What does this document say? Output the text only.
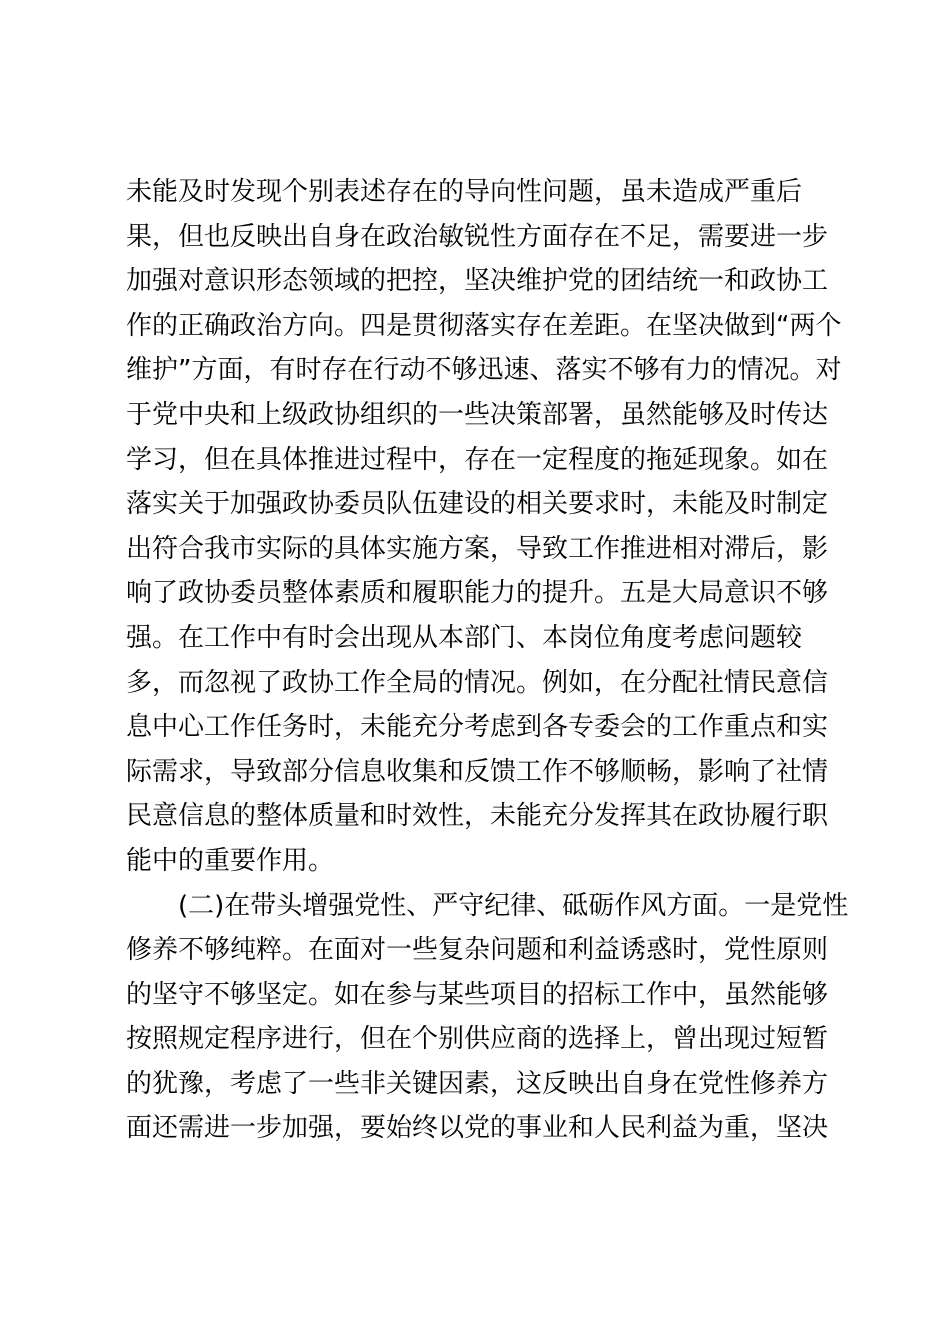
未能及时发现个别表述存在的导向性问题，虽未造成严重后
果，但也反映出自身在政治敏锐性方面存在不足，需要进一步
加强对意识形态领域的把控，坚决维护党的团结统一和政协工
作的正确政治方向。四是贯彻落实存在差距。在坚决做到“两个
维护”方面，有时存在行动不够迅速、落实不够有力的情况。对
于党中央和上级政协组织的一些决策部署，虽然能够及时传达
学习，但在具体推进过程中，存在一定程度的拖延现象。如在
落实关于加强政协委员队伍建设的相关要求时，未能及时制定
出符合我市实际的具体实施方案，导致工作推进相对滞后，影
响了政协委员整体素质和履职能力的提升。五是大局意识不够
强。在工作中有时会出现从本部门、本岗位角度考虑问题较
多，而忽视了政协工作全局的情况。例如，在分配社情民意信
息中心工作任务时，未能充分考虑到各专委会的工作重点和实
际需求，导致部分信息收集和反馈工作不够顺畅，影响了社情
民意信息的整体质量和时效性，未能充分发挥其在政协履行职
能中的重要作用。
　　(二)在带头增强党性、严守纪律、砥砺作风方面。一是党性
修养不够纯粹。在面对一些复杂问题和利益诱惑时，党性原则
的坚守不够坚定。如在参与某些项目的招标工作中，虽然能够
按照规定程序进行，但在个别供应商的选择上，曾出现过短暂
的犹豫，考虑了一些非关键因素，这反映出自身在党性修养方
面还需进一步加强，要始终以党的事业和人民利益为重，坚决
